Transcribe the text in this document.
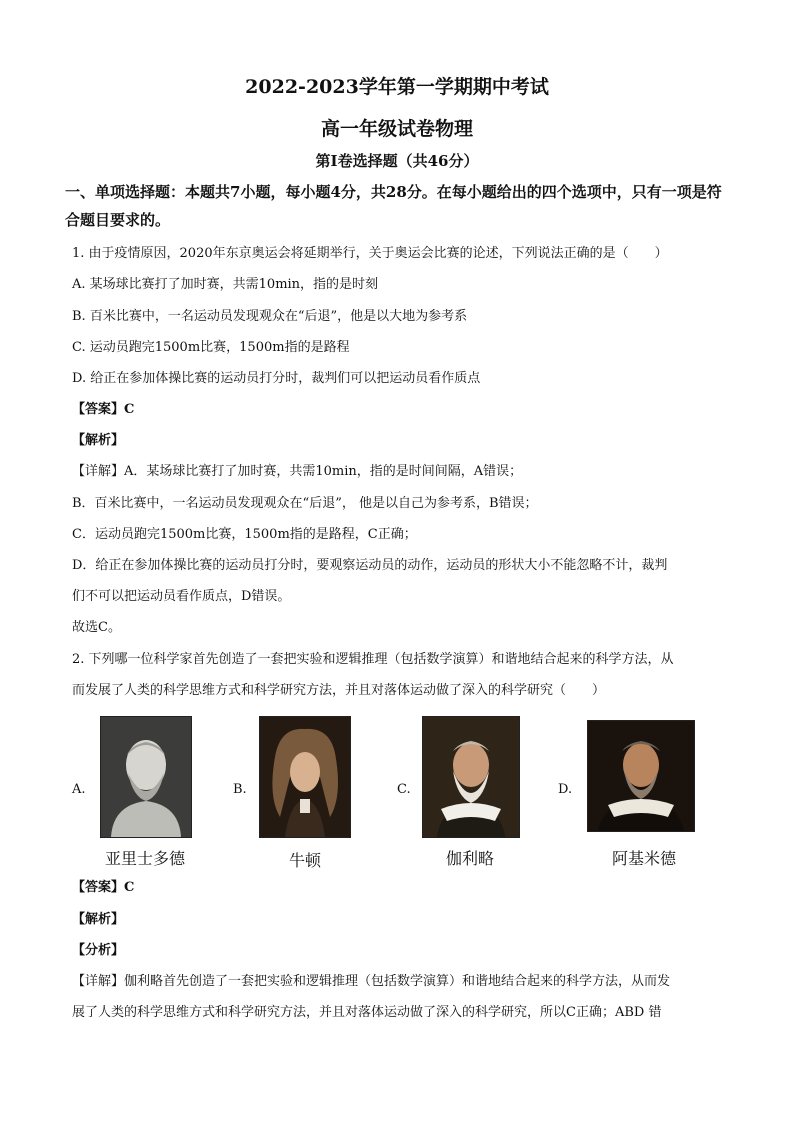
2022-2023学年第一学期期中考试
高一年级试卷物理
第I卷选择题（共46分）
一、单项选择题：本题共7小题，每小题4分，共28分。在每小题给出的四个选项中，只有一项是符合题目要求的。
1. 由于疫情原因，2020年东京奥运会将延期举行，关于奥运会比赛的论述，下列说法正确的是（　　）
A. 某场球比赛打了加时赛，共需10min，指的是时刻
B. 百米比赛中，一名运动员发现观众在“后退”，他是以大地为参考系
C. 运动员跑完1500m比赛，1500m指的是路程
D. 给正在参加体操比赛的运动员打分时，裁判们可以把运动员看作质点
【答案】C
【解析】
【详解】A．某场球比赛打了加时赛，共需10min，指的是时间间隔，A错误；
B．百米比赛中，一名运动员发现观众在“后退”， 他是以自己为参考系，B错误；
C．运动员跑完1500m比赛，1500m指的是路程，C正确；
D．给正在参加体操比赛的运动员打分时，要观察运动员的动作，运动员的形状大小不能忽略不计，裁判
们不可以把运动员看作质点，D错误。
故选C。
2. 下列哪一位科学家首先创造了一套把实验和逻辑推理（包括数学演算）和谐地结合起来的科学方法，从
而发展了人类的科学思维方式和科学研究方法，并且对落体运动做了深入的科学研究（　　）
A.
亚里士多德
B.
牛顿
C.
伽利略
D.
阿基米德
【答案】C
【解析】
【分析】
【详解】伽利略首先创造了一套把实验和逻辑推理（包括数学演算）和谐地结合起来的科学方法，从而发
展了人类的科学思维方式和科学研究方法，并且对落体运动做了深入的科学研究，所以C正确；ABD 错
